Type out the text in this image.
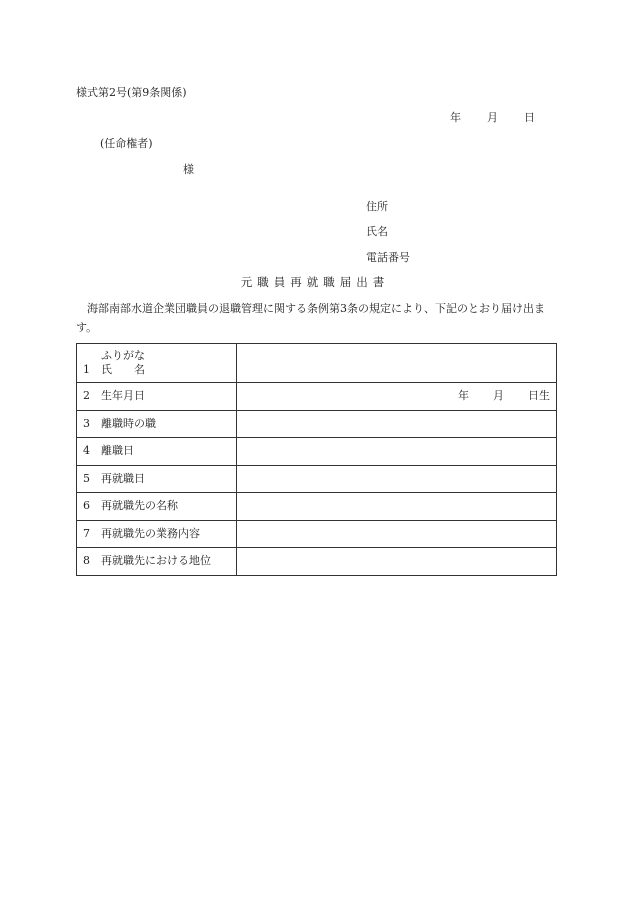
様式第2号(第9条関係)
年 月 日
(任命権者)
様
住所
氏名
電話番号
元職員再就職届出書
海部南部水道企業団職員の退職管理に関する条例第3条の規定により、下記のとおり届け出ます。
ふりがな
1 氏　　名	

2 生年月日	年 月 日生
3 離職時の職	
4 離職日	
5 再就職日	
6 再就職先の名称	
7 再就職先の業務内容	
8 再就職先における地位	
